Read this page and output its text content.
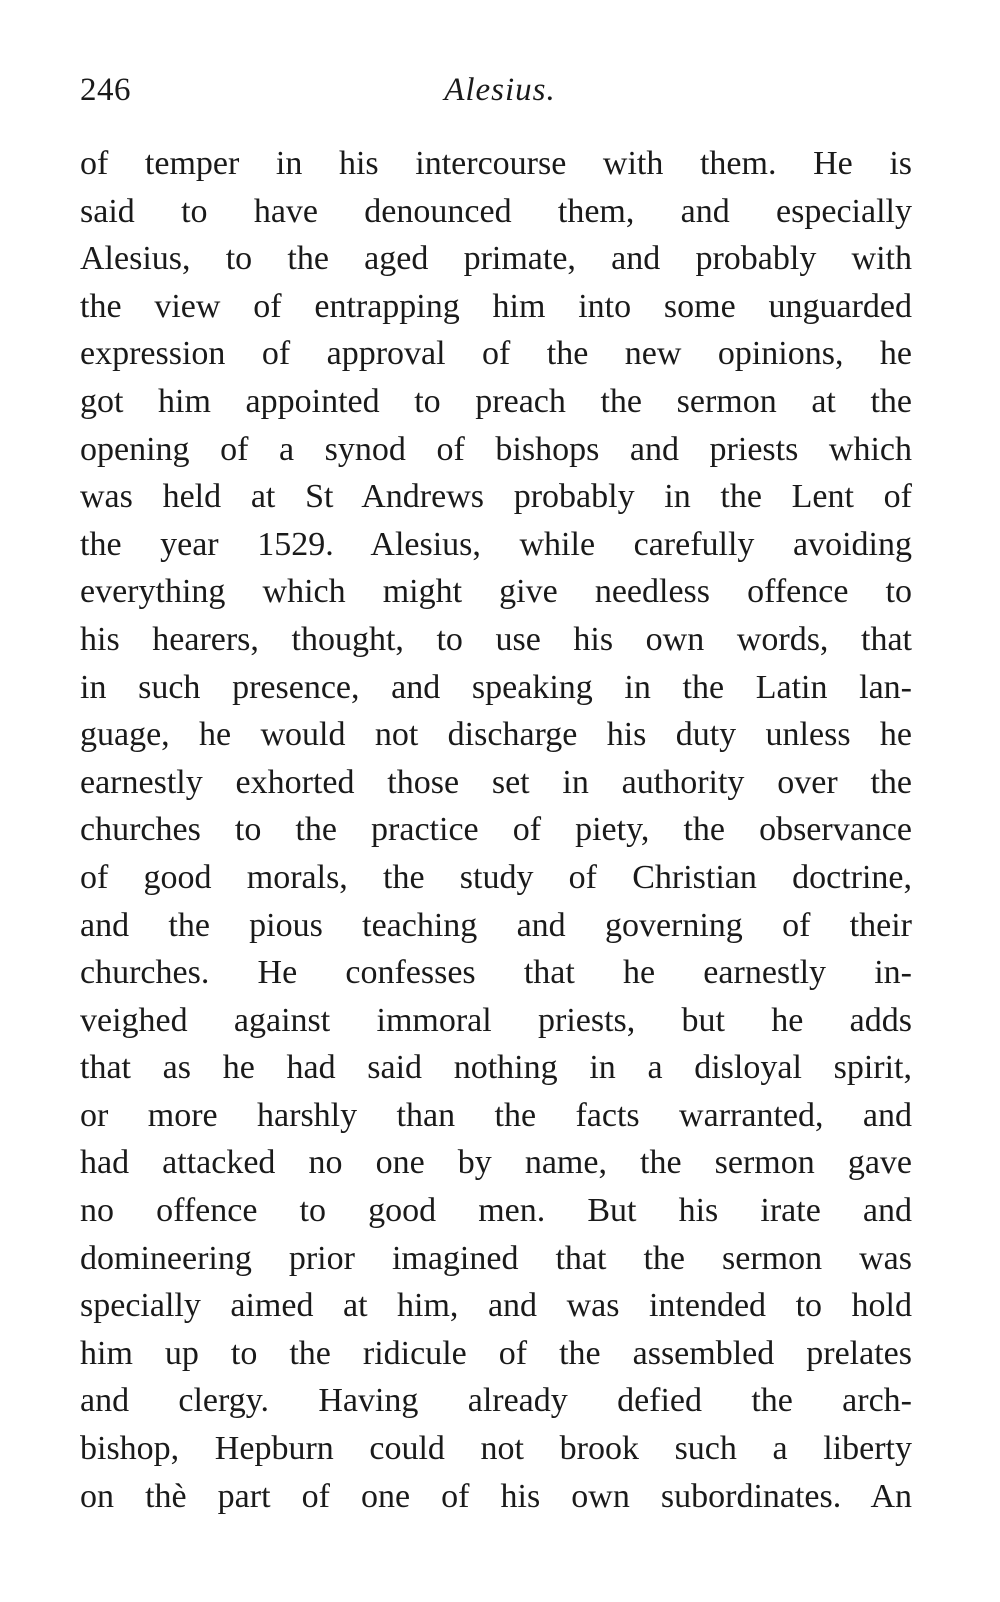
246	Alesius.
of temper in his intercourse with them. He is
said to have denounced them, and especially
Alesius, to the aged primate, and probably with
the view of entrapping him into some unguarded
expression of approval of the new opinions, he
got him appointed to preach the sermon at the
opening of a synod of bishops and priests which
was held at St Andrews probably in the Lent of
the year 1529. Alesius, while carefully avoiding
everything which might give needless offence to
his hearers, thought, to use his own words, that
in such presence, and speaking in the Latin lan-
guage, he would not discharge his duty unless he
earnestly exhorted those set in authority over the
churches to the practice of piety, the observance
of good morals, the study of Christian doctrine,
and the pious teaching and governing of their
churches. He confesses that he earnestly in-
veighed against immoral priests, but he adds
that as he had said nothing in a disloyal spirit,
or more harshly than the facts warranted, and
had attacked no one by name, the sermon gave
no offence to good men. But his irate and
domineering prior imagined that the sermon was
specially aimed at him, and was intended to hold
him up to the ridicule of the assembled prelates
and clergy. Having already defied the arch-
bishop, Hepburn could not brook such a liberty
on thè part of one of his own subordinates. An
